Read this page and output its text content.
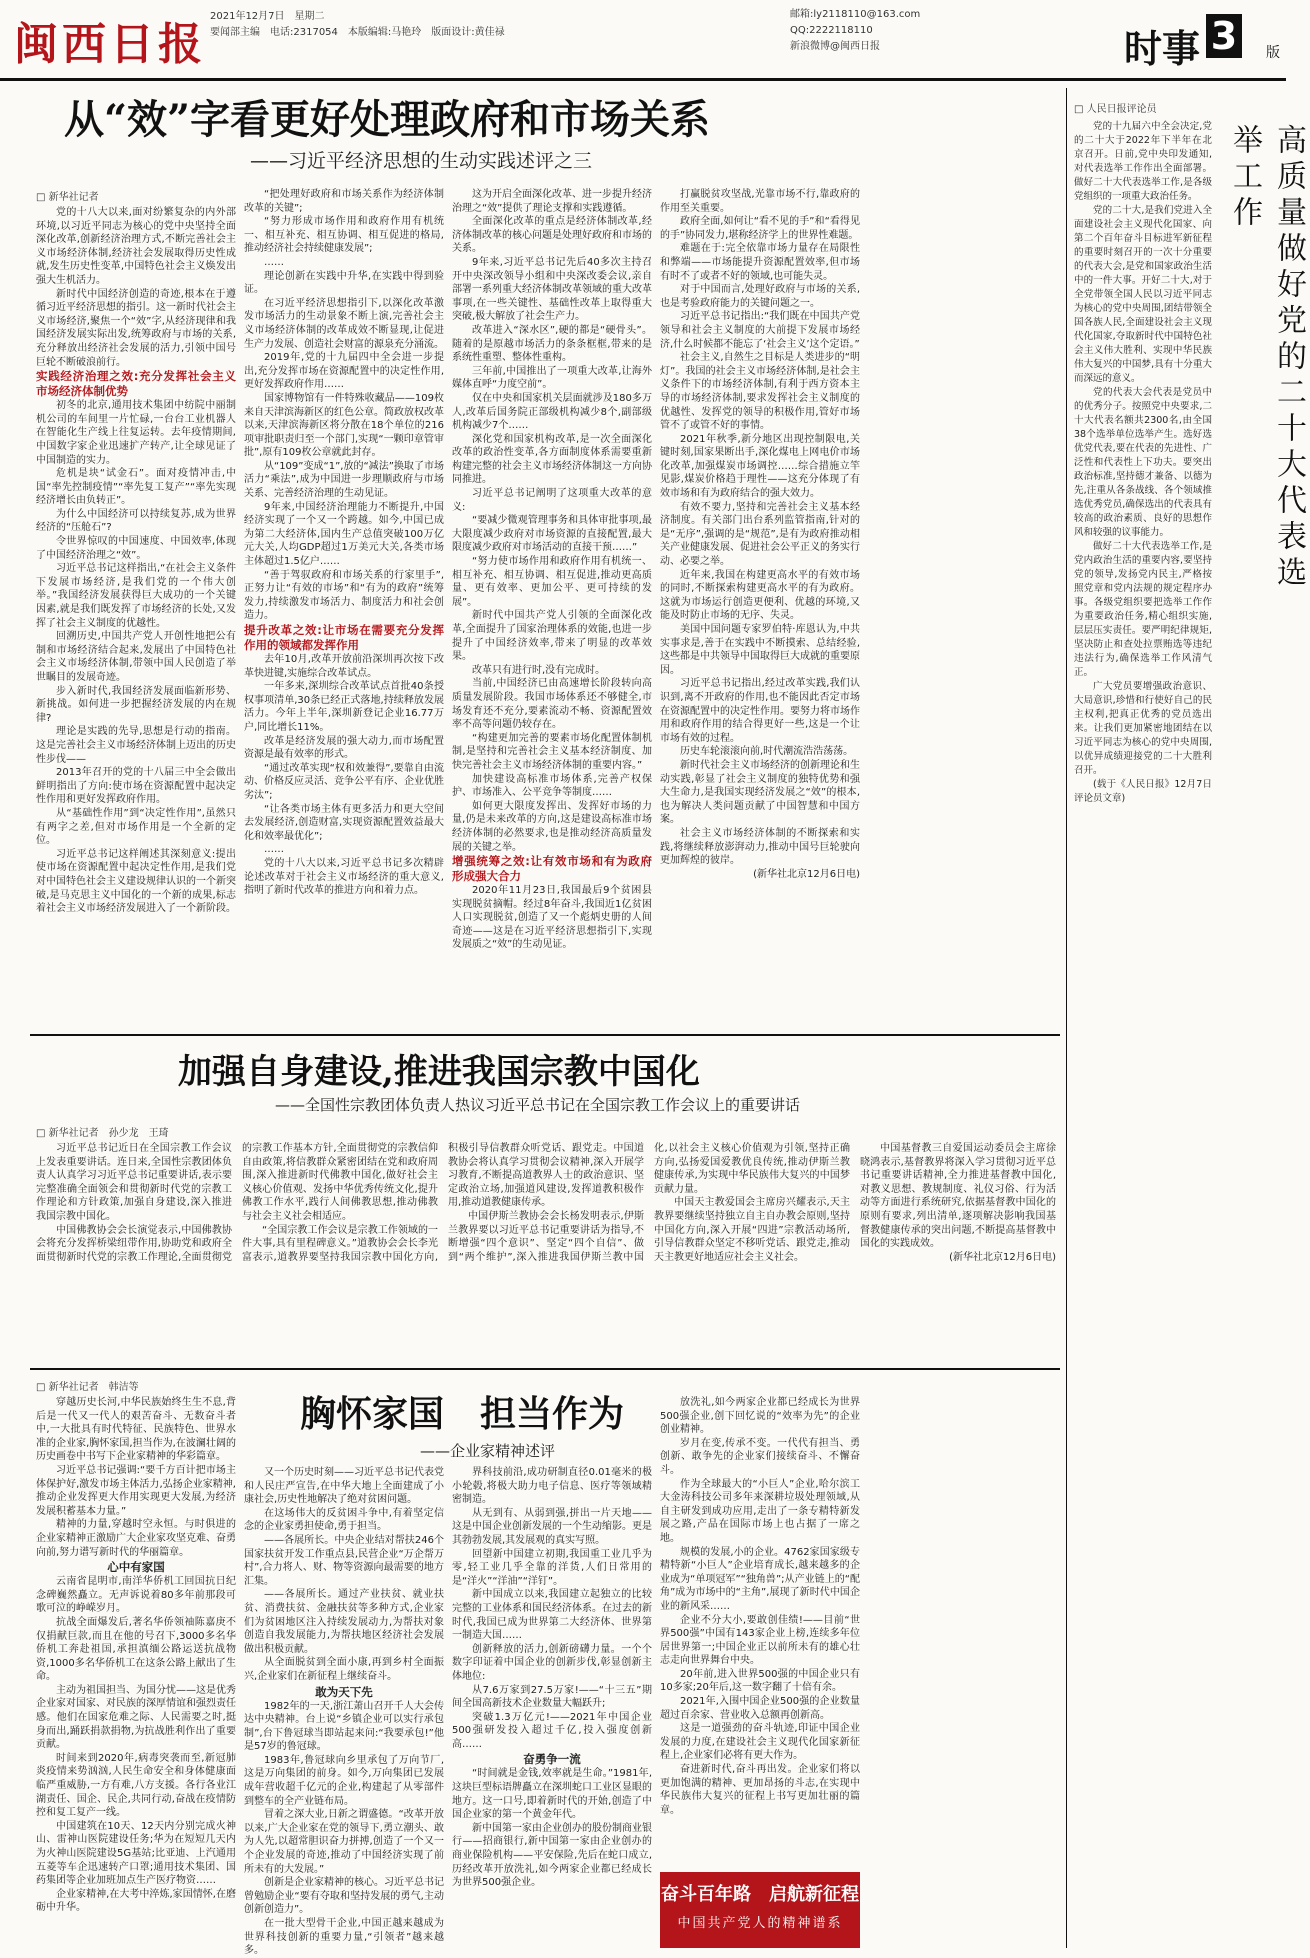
闽西日报
2021年12月7日　星期二
要闻部主编　电话:2317054　本版编辑:马艳玲　版面设计:黄佳禄
邮箱:ly2118110@163.com
QQ:2222118110
新浪微博@闽西日报	时事 3	版
从“效”字看更好处理政府和市场关系
——习近平经济思想的生动实践述评之三
□ 新华社记者

党的十八大以来,面对纷繁复杂的内外部环境,以习近平同志为核心的党中央坚持全面深化改革,创新经济治理方式,不断完善社会主义市场经济体制,经济社会发展取得历史性成就,发生历史性变革,中国特色社会主义焕发出强大生机活力。

新时代中国经济创造的奇迹,根本在于遵循习近平经济思想的指引。这一新时代社会主义市场经济,聚焦一个“效”字,从经济现律和我国经济发展实际出发,统筹政府与市场的关系,充分释放出经济社会发展的活力,引领中国号巨轮不断破浪前行。

实践经济治理之效:充分发挥社会主义市场经济体制优势

初冬的北京,通用技术集团中纺院中丽制机公司的车间里一片忙碌,一台台工业机器人在智能化生产线上往复运转。去年疫情期间,中国数字家企业迅速扩产转产,让全球见证了中国制造的实力。

危机是块“试金石”。面对疫情冲击,中国“率先控制疫情”“率先复工复产”“率先实现经济增长由负转正”。

为什么中国经济可以持续复苏,成为世界经济的“压舱石”?

令世界惊叹的中国速度、中国效率,体现了中国经济治理之“效”。

习近平总书记这样指出,“在社会主义条件下发展市场经济,是我们党的一个伟大创举。”我国经济发展获得巨大成功的一个关键因素,就是我们既发挥了市场经济的长处,又发挥了社会主义制度的优越性。

回溯历史,中国共产党人开创性地把公有制和市场经济结合起来,发展出了中国特色社会主义市场经济体制,带领中国人民创造了举世瞩目的发展奇迹。

步入新时代,我国经济发展面临新形势、新挑战。如何进一步把握经济发展的内在规律?

理论是实践的先导,思想是行动的指南。这是完善社会主义市场经济体制上迈出的历史性步伐——

2013年召开的党的十八届三中全会做出鲜明指出了方向:使市场在资源配置中起决定性作用和更好发挥政府作用。

从“基础性作用”到“决定性作用”,虽然只有两字之差,但对市场作用是一个全新的定位。

习近平总书记这样阐述其深刻意义:提出使市场在资源配置中起决定性作用,是我们党对中国特色社会主义建设规律认识的一个新突破,是马克思主义中国化的一个新的成果,标志着社会主义市场经济发展进入了一个新阶段。

“把处理好政府和市场关系作为经济体制改革的关键”;

“努力形成市场作用和政府作用有机统一、相互补充、相互协调、相互促进的格局,推动经济社会持续健康发展”;

……

理论创新在实践中升华,在实践中得到验证。

在习近平经济思想指引下,以深化改革激发市场活力的生动景象不断上演,完善社会主义市场经济体制的改革成效不断显现,让促进生产力发展、创造社会财富的源泉充分涌流。

2019年,党的十九届四中全会进一步提出,充分发挥市场在资源配置中的决定性作用,更好发挥政府作用……

国家博物馆有一件特殊收藏品——109枚来自天津滨海新区的红色公章。简政放权改革以来,天津滨海新区将分散在18个单位的216项审批职责归至一个部门,实现“一颗印章管审批”,原有109枚公章就此封存。

从“109”变成“1”,放的“减法”换取了市场活力“乘法”,成为中国进一步理顺政府与市场关系、完善经济治理的生动见证。

9年来,中国经济治理能力不断提升,中国经济实现了一个又一个跨越。如今,中国已成为第二大经济体,国内生产总值突破100万亿元大关,人均GDP超过1万美元大关,各类市场主体超过1.5亿户……

“善于驾驭政府和市场关系的行家里手”,正努力让“有效的市场”和“有为的政府”统筹发力,持续激发市场活力、制度活力和社会创造力。

提升改革之效:让市场在需要充分发挥作用的领域都发挥作用

去年10月,改革开放前沿深圳再次按下改革快进键,实施综合改革试点。

一年多来,深圳综合改革试点首批40条授权事项清单,30条已经正式落地,持续释放发展活力。今年上半年,深圳新登记企业16.77万户,同比增长11%。

改革是经济发展的强大动力,而市场配置资源是最有效率的形式。

“通过改革实现“权和效兼得”,要靠自由流动、价格反应灵活、竞争公平有序、企业优胜劣汰”;

“让各类市场主体有更多活力和更大空间去发展经济,创造财富,实现资源配置效益最大化和效率最优化”;

……

党的十八大以来,习近平总书记多次精辟论述改革对于社会主义市场经济的重大意义,指明了新时代改革的推进方向和着力点。

这为开启全面深化改革、进一步提升经济治理之“效”提供了理论支撑和实践遵循。

全面深化改革的重点是经济体制改革,经济体制改革的核心问题是处理好政府和市场的关系。

9年来,习近平总书记先后40多次主持召开中央深改领导小组和中央深改委会议,亲自部署一系列重大经济体制改革领域的重大改革事项,在一些关键性、基础性改革上取得重大突破,极大解放了社会生产力。

改革进入“深水区”,硬的都是“硬骨头”。随着的是原越市场活力的条条框框,带来的是系统性重塑、整体性重构。

三年前,中国推出了一项重大改革,让海外媒体直呼“力度空前”。

仅在中央和国家机关层面就涉及180多万人,改革后国务院正部级机构减少8个,副部级机构减少7个……

深化党和国家机构改革,是一次全面深化改革的政治性变革,各方面制度体系需要重新构建完整的社会主义市场经济体制这一方向协同推进。

习近平总书记阐明了这项重大改革的意义:

“要减少微观管理事务和具体审批事项,最大限度减少政府对市场资源的直接配置,最大限度减少政府对市场活动的直接干预……”

“努力使市场作用和政府作用有机统一、相互补充、相互协调、相互促进,推动更高质量、更有效率、更加公平、更可持续的发展”。

新时代中国共产党人引领的全面深化改革,全面提升了国家治理体系的效能,也进一步提升了中国经济效率,带来了明显的改革效果。

改革只有进行时,没有完成时。

当前,中国经济已由高速增长阶段转向高质量发展阶段。我国市场体系还不够健全,市场发育还不充分,要素流动不畅、资源配置效率不高等问题仍较存在。

“构建更加完善的要素市场化配置体制机制,是坚持和完善社会主义基本经济制度、加快完善社会主义市场经济体制的重要内容。”

加快建设高标准市场体系,完善产权保护、市场准入、公平竞争等制度……

如何更大限度发挥出、发挥好市场的力量,仍是未来改革的方向,这是建设高标准市场经济体制的必然要求,也是推动经济高质量发展的关键之举。

增强统筹之效:让有效市场和有为政府形成强大合力

2020年11月23日,我国最后9个贫困县实现脱贫摘帽。经过8年奋斗,我国近1亿贫困人口实现脱贫,创造了又一个彪炳史册的人间奇迹——这是在习近平经济思想指引下,实现发展质之“效”的生动见证。

打赢脱贫攻坚战,光靠市场不行,靠政府的作用至关重要。

政府全面,如何让“看不见的手”和“看得见的手”协同发力,堪称经济学上的世界性难题。

难题在于:完全依靠市场力量存在局限性和弊端——市场能提升资源配置效率,但市场有时不了或者不好的领域,也可能失灵。

对于中国而言,处理好政府与市场的关系,也是考验政府能力的关键问题之一。

习近平总书记指出:“我们既在中国共产党领导和社会主义制度的大前提下发展市场经济,什么时候都不能忘了‘社会主义’这个定语。”

社会主义,自然生之目标是人类进步的“明灯”。我国的社会主义市场经济体制,是社会主义条件下的市场经济体制,有利于西方资本主导的市场经济体制,要求发挥社会主义制度的优越性、发挥党的领导的积极作用,管好市场管不了或管不好的事情。

2021年秋季,新分地区出现控制限电,关键时刻,国家果断出手,深化煤电上网电价市场化改革,加强煤炭市场调控……综合措施立竿见影,煤炭价格趋于理性——这充分体现了有效市场和有为政府结合的强大效力。

有效不要力,坚持和完善社会主义基本经济制度。有关部门出台系列监管指南,针对的是“无序”,强调的是“规范”,是有为政府推动相关产业健康发展、促进社会公平正义的务实行动、必要之举。

近年来,我国在构建更高水平的有效市场的同时,不断探索构建更高水平的有为政府。这就为市场运行创造更便利、优越的环境,又能及时防止市场的无序、失灵。

美国中国问题专家罗伯特·库恩认为,中共实事求是,善于在实践中不断摸索、总结经验,这些都是中共领导中国取得巨大成就的重要原因。

习近平总书记指出,经过改革实践,我们认识到,离不开政府的作用,也不能因此否定市场在资源配置中的决定性作用。要努力将市场作用和政府作用的结合得更好一些,这是一个让市场有效的过程。

历史车轮滚滚向前,时代潮流浩浩荡荡。

新时代社会主义市场经济的创新理论和生动实践,彰显了社会主义制度的独特优势和强大生命力,是我国实现经济发展之“效”的根本,也为解决人类问题贡献了中国智慧和中国方案。

社会主义市场经济体制的不断探索和实践,将继续释放澎湃动力,推动中国号巨轮驶向更加辉煌的彼岸。

(新华社北京12月6日电)

□ 人民日报评论员
高质量做好党的二十大代表选举工作

党的十九届六中全会决定,党的二十大于2022年下半年在北京召开。日前,党中央印发通知,对代表选举工作作出全面部署。做好二十大代表选举工作,是各级党组织的一项重大政治任务。

党的二十大,是我们党进入全面建设社会主义现代化国家、向第二个百年奋斗目标进军新征程的重要时刻召开的一次十分重要的代表大会,是党和国家政治生活中的一件大事。开好二十大,对于全党带领全国人民以习近平同志为核心的党中央周围,团结带领全国各族人民,全面建设社会主义现代化国家,夺取新时代中国特色社会主义伟大胜利、实现中华民族伟大复兴的中国梦,具有十分重大而深远的意义。

党的代表大会代表是党员中的优秀分子。按照党中央要求,二十大代表名额共2300名,由全国38个选举单位选举产生。选好选优党代表,要在代表的先进性、广泛性和代表性上下功夫。要突出政治标准,坚持德才兼备、以德为先,注重从各条战线、各个领域推选优秀党员,确保选出的代表具有较高的政治素质、良好的思想作风和较强的议事能力。

做好二十大代表选举工作,是党内政治生活的重要内容,要坚持党的领导,发扬党内民主,严格按照党章和党内法规的规定程序办事。各级党组织要把选举工作作为重要政治任务,精心组织实施,层层压实责任。要严明纪律规矩,坚决防止和查处拉票贿选等违纪违法行为,确保选举工作风清气正。

广大党员要增强政治意识、大局意识,珍惜和行使好自己的民主权利,把真正优秀的党员选出来。让我们更加紧密地团结在以习近平同志为核心的党中央周围,以优异成绩迎接党的二十大胜利召开。

(载于《人民日报》12月7日评论员文章)

加强自身建设,推进我国宗教中国化
——全国性宗教团体负责人热议习近平总书记在全国宗教工作会议上的重要讲话
□ 新华社记者　孙少龙　王琦

习近平总书记近日在全国宗教工作会议上发表重要讲话。连日来,全国性宗教团体负责人认真学习习近平总书记重要讲话,表示要完整准确全面领会和贯彻新时代党的宗教工作理论和方针政策,加强自身建设,深入推进我国宗教中国化。

中国佛教协会会长演觉表示,中国佛教协会将充分发挥桥梁纽带作用,协助党和政府全面贯彻新时代党的宗教工作理论,全面贯彻党的宗教工作基本方针,全面贯彻党的宗教信仰自由政策,将信教群众紧密团结在党和政府周围,深入推进新时代佛教中国化,做好社会主义核心价值观、发扬中华优秀传统文化,提升佛教工作水平,践行人间佛教思想,推动佛教与社会主义社会相适应。

“全国宗教工作会议是宗教工作领域的一件大事,具有里程碑意义。”道教协会会长李光富表示,道教界要坚持我国宗教中国化方向,积极引导信教群众听党话、跟党走。中国道教协会将认真学习贯彻会议精神,深入开展学习教育,不断提高道教界人士的政治意识、坚定政治立场,加强道风建设,发挥道教积极作用,推动道教健康传承。

中国伊斯兰教协会会长杨发明表示,伊斯兰教界要以习近平总书记重要讲话为指导,不断增强“四个意识”、坚定“四个自信”、做到“两个维护”,深入推进我国伊斯兰教中国化,以社会主义核心价值观为引领,坚持正确方向,弘扬爱国爱教优良传统,推动伊斯兰教健康传承,为实现中华民族伟大复兴的中国梦贡献力量。

中国天主教爱国会主席房兴耀表示,天主教界要继续坚持独立自主自办教会原则,坚持中国化方向,深入开展“四进”宗教活动场所,引导信教群众坚定不移听党话、跟党走,推动天主教更好地适应社会主义社会。

中国基督教三自爱国运动委员会主席徐晓鸿表示,基督教界将深入学习贯彻习近平总书记重要讲话精神,全力推进基督教中国化,对教义思想、教规制度、礼仪习俗、行为活动等方面进行系统研究,依据基督教中国化的原则有要求,列出清单,逐项解决影响我国基督教健康传承的突出问题,不断提高基督教中国化的实践成效。

(新华社北京12月6日电)

□ 新华社记者　韩洁等
胸怀家国　担当作为
——企业家精神述评

穿越历史长河,中华民族始终生生不息,背后是一代又一代人的艰苦奋斗、无数奋斗者中,一大批具有时代特征、民族特色、世界水准的企业家,胸怀家国,担当作为,在波澜壮阔的历史画卷中书写下企业家精神的华彩篇章。

习近平总书记强调:“要千方百计把市场主体保护好,激发市场主体活力,弘扬企业家精神,推动企业发挥更大作用实现更大发展,为经济发展积蓄基本力量。”

精神的力量,穿越时空永恒。与时俱进的企业家精神正激励广大企业家攻坚克难、奋勇向前,努力谱写新时代的华丽篇章。

心中有家国

云南省昆明市,南洋华侨机工回国抗日纪念碑巍然矗立。无声诉说着80多年前那段可歌可泣的峥嵘岁月。

抗战全面爆发后,著名华侨领袖陈嘉庚不仅捐献巨款,而且在他的号召下,3000多名华侨机工奔赴祖国,承担滇缅公路运送抗战物资,1000多名华侨机工在这条公路上献出了生命。

主动为祖国担当、为国分忧——这是优秀企业家对国家、对民族的深厚情谊和强烈责任感。他们在国家危难之际、人民需要之时,挺身而出,踊跃捐款捐物,为抗战胜利作出了重要贡献。

时间来到2020年,病毒突袭而至,新冠肺炎疫情来势汹汹,人民生命安全和身体健康面临严重威胁,一方有难,八方支援。各行各业江湖责任、国企、民企,共同行动,奋战在疫情防控和复工复产一线。

中国建筑在10天、12天内分别完成火神山、雷神山医院建设任务;华为在短短几天内为火神山医院建设5G基站;比亚迪、上汽通用五菱等车企迅速转产口罩;通用技术集团、国药集团等企业加班加点生产医疗物资……

企业家精神,在大考中淬炼,家国情怀,在磨砺中升华。

又一个历史时刻——习近平总书记代表党和人民庄严宣告,在中华大地上全面建成了小康社会,历史性地解决了绝对贫困问题。

在这场伟大的反贫困斗争中,有着坚定信念的企业家勇担使命,勇于担当。

——各展所长。中央企业结对帮扶246个国家扶贫开发工作重点县,民营企业“万企帮万村”,合力将人、财、物等资源向最需要的地方汇集。

——各展所长。通过产业扶贫、就业扶贫、消费扶贫、金融扶贫等多种方式,企业家们为贫困地区注入持续发展动力,为帮扶对象创造自我发展能力,为帮扶地区经济社会发展做出积极贡献。

从全面脱贫到全面小康,再到乡村全面振兴,企业家们在新征程上继续奋斗。

敢为天下先

1982年的一天,浙江萧山召开千人大会传达中央精神。台上说“乡镇企业可以实行承包制”,台下鲁冠球当即站起来问:“我要承包!”他是57岁的鲁冠球。

1983年,鲁冠球向乡里承包了万向节厂,这是万向集团的前身。如今,万向集团已发展成年营收超千亿元的企业,构建起了从零部件到整车的全产业链布局。

冒着之深大业,日新之谓盛德。“改革开放以来,广大企业家在党的领导下,勇立潮头、敢为人先,以超常胆识奋力拼搏,创造了一个又一个企业发展的奇迹,推动了中国经济实现了前所未有的大发展。”

创新是企业家精神的核心。习近平总书记曾勉励企业“要有夺取和坚持发展的勇气,主动创新创造力”。

在一批大型骨干企业,中国正越来越成为世界科技创新的重要力量,“引领者”越来越多。

界科技前沿,成功研制直径0.01毫米的极小轮毂,将极大助力电子信息、医疗等领域精密制造。

从无到有、从弱到强,拼出一片天地——这是中国企业创新发展的一个生动缩影。更是其勃勃发展,其发展观的真实写照。

回望新中国建立初期,我国重工业几乎为零,轻工业几乎全靠的洋货,人们日常用的是“洋火”“洋油”“洋钉”。

新中国成立以来,我国建立起独立的比较完整的工业体系和国民经济体系。在过去的新时代,我国已成为世界第二大经济体、世界第一制造大国……

创新释放的活力,创新磅礴力量。一个个数字印证着中国企业的创新步伐,彰显创新主体地位:

从7.6万家到27.5万家!——“十三五”期间全国高新技术企业数量大幅跃升;

突破1.3万亿元!——2021年中国企业500强研发投入超过千亿,投入强度创新高……

奋勇争一流

“时间就是金钱,效率就是生命。”1981年,这块巨型标语牌矗立在深圳蛇口工业区显眼的地方。这一口号,即着新时代的开始,创造了中国企业家的第一个黄金年代。

新中国第一家由企业创办的股份制商业银行——招商银行,新中国第一家由企业创办的商业保险机构——平安保险,先后在蛇口成立,历经改革开放洗礼,如今两家企业都已经成长为世界500强企业。

放洗礼,如今两家企业都已经成长为世界500强企业,创下回忆说的“效率为先”的企业创业精神。

岁月在变,传承不变。一代代有担当、勇创新、敢争先的企业家们接续奋斗、不懈奋斗。

作为全球最大的“小巨人”企业,哈尔滨工大金涛科技公司多年来深耕垃圾处理领域,从自主研发到成功应用,走出了一条专精特新发展之路,产品在国际市场上也占据了一席之地。

规模的发展,小的企业。4762家国家级专精特新“小巨人”企业培育成长,越来越多的企业成为“单项冠军”“独角兽”;从产业链上的“配角”成为市场中的“主角”,展现了新时代中国企业的新风采……

企业不分大小,要敢创佳绩!——目前“世界500强”中国有143家企业上榜,连续多年位居世界第一;中国企业正以前所未有的雄心壮志走向世界舞台中央。

20年前,进入世界500强的中国企业只有10多家;20年后,这一数字翻了十倍有余。

2021年,入围中国企业500强的企业数量超过百余家、营业收入总额再创新高。

这是一道强劲的奋斗轨迹,印证中国企业发展的力度,在建设社会主义现代化国家新征程上,企业家们必将有更大作为。

奋进新时代,奋斗再出发。企业家们将以更加饱满的精神、更加昂扬的斗志,在实现中华民族伟大复兴的征程上书写更加壮丽的篇章。

奋斗百年路　启航新征程
中国共产党人的精神谱系
